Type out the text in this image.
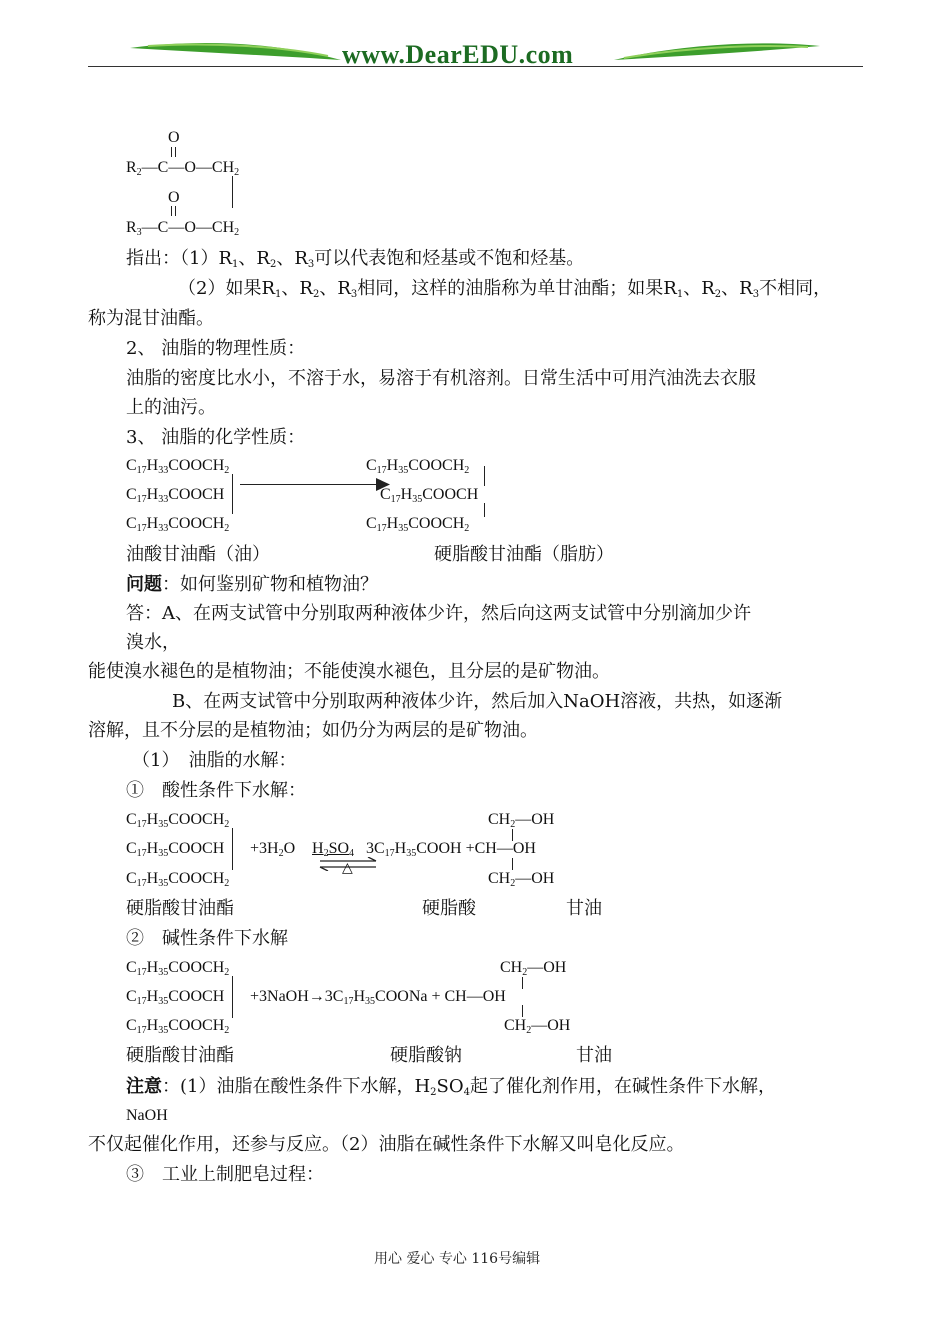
www.DearEDU.com
O
$R_2—C—O—CH_2$
O
$R_3—C—O—CH_2$
指出：$(1)R_1$、$R_2$、$R_3$可以代表饱和烃基或不饱和烃基。
（2）如果$R_1$、$R_2$、$R_3$相同，这样的油脂称为单甘油酯；如果$R_1$、$R_2$、$R_3$不相同，
称为混甘油酯。
2、 油脂的物理性质：
油脂的密度比水小，不溶于水，易溶于有机溶剂。日常生活中可用汽油洗去衣服
上的油污。
3、 油脂的化学性质：
$C_{17}H_{33}COOCH_2$
$C_{17}H_{33}COOCH$
$C_{17}H_{33}COOCH_2$
$C_{17}H_{35}COOCH_2$
$C_{17}H_{35}COOCH$
$C_{17}H_{35}COOCH_2$
油酸甘油酯（油）	硬脂酸甘油酯（脂肪）
问题：如何鉴别矿物和植物油？
答：A、在两支试管中分别取两种液体少许，然后向这两支试管中分别滴加少许
溴水，
能使溴水褪色的是植物油；不能使溴水褪色，且分层的是矿物油。
B、在两支试管中分别取两种液体少许，然后加入NaOH溶液，共热，如逐渐
溶解，且不分层的是植物油；如仍分为两层的是矿物油。
（1）　油脂的水解：
①　酸性条件下水解：
$C_{17}H_{35}COOCH_2$
$C_{17}H_{35}COOCH$
$C_{17}H_{35}COOCH_2$
$+3H_2O$ $H_2SO_4$
△
$3C_{17}H_{35}COOH$ +CH—OH
$CH_2—OH$
$CH_2—OH$
硬脂酸甘油酯	硬脂酸	甘油
②　碱性条件下水解
$C_{17}H_{35}COOCH_2$
$C_{17}H_{35}COOCH$
$C_{17}H_{35}COOCH_2$
$+3NaOH\to 3C_{17}H_{35}COONa$ + CH—OH
$CH_2—OH$
$CH_2—OH$
硬脂酸甘油酯	硬脂酸钠	甘油
注意：(1）油脂在酸性条件下水解，$H_2SO_4$起了催化剂作用，在碱性条件下水解，
NaOH
不仅起催化作用，还参与反应。（2）油脂在碱性条件下水解又叫皂化反应。
③　工业上制肥皂过程：
用心 爱心 专心 116号编辑
